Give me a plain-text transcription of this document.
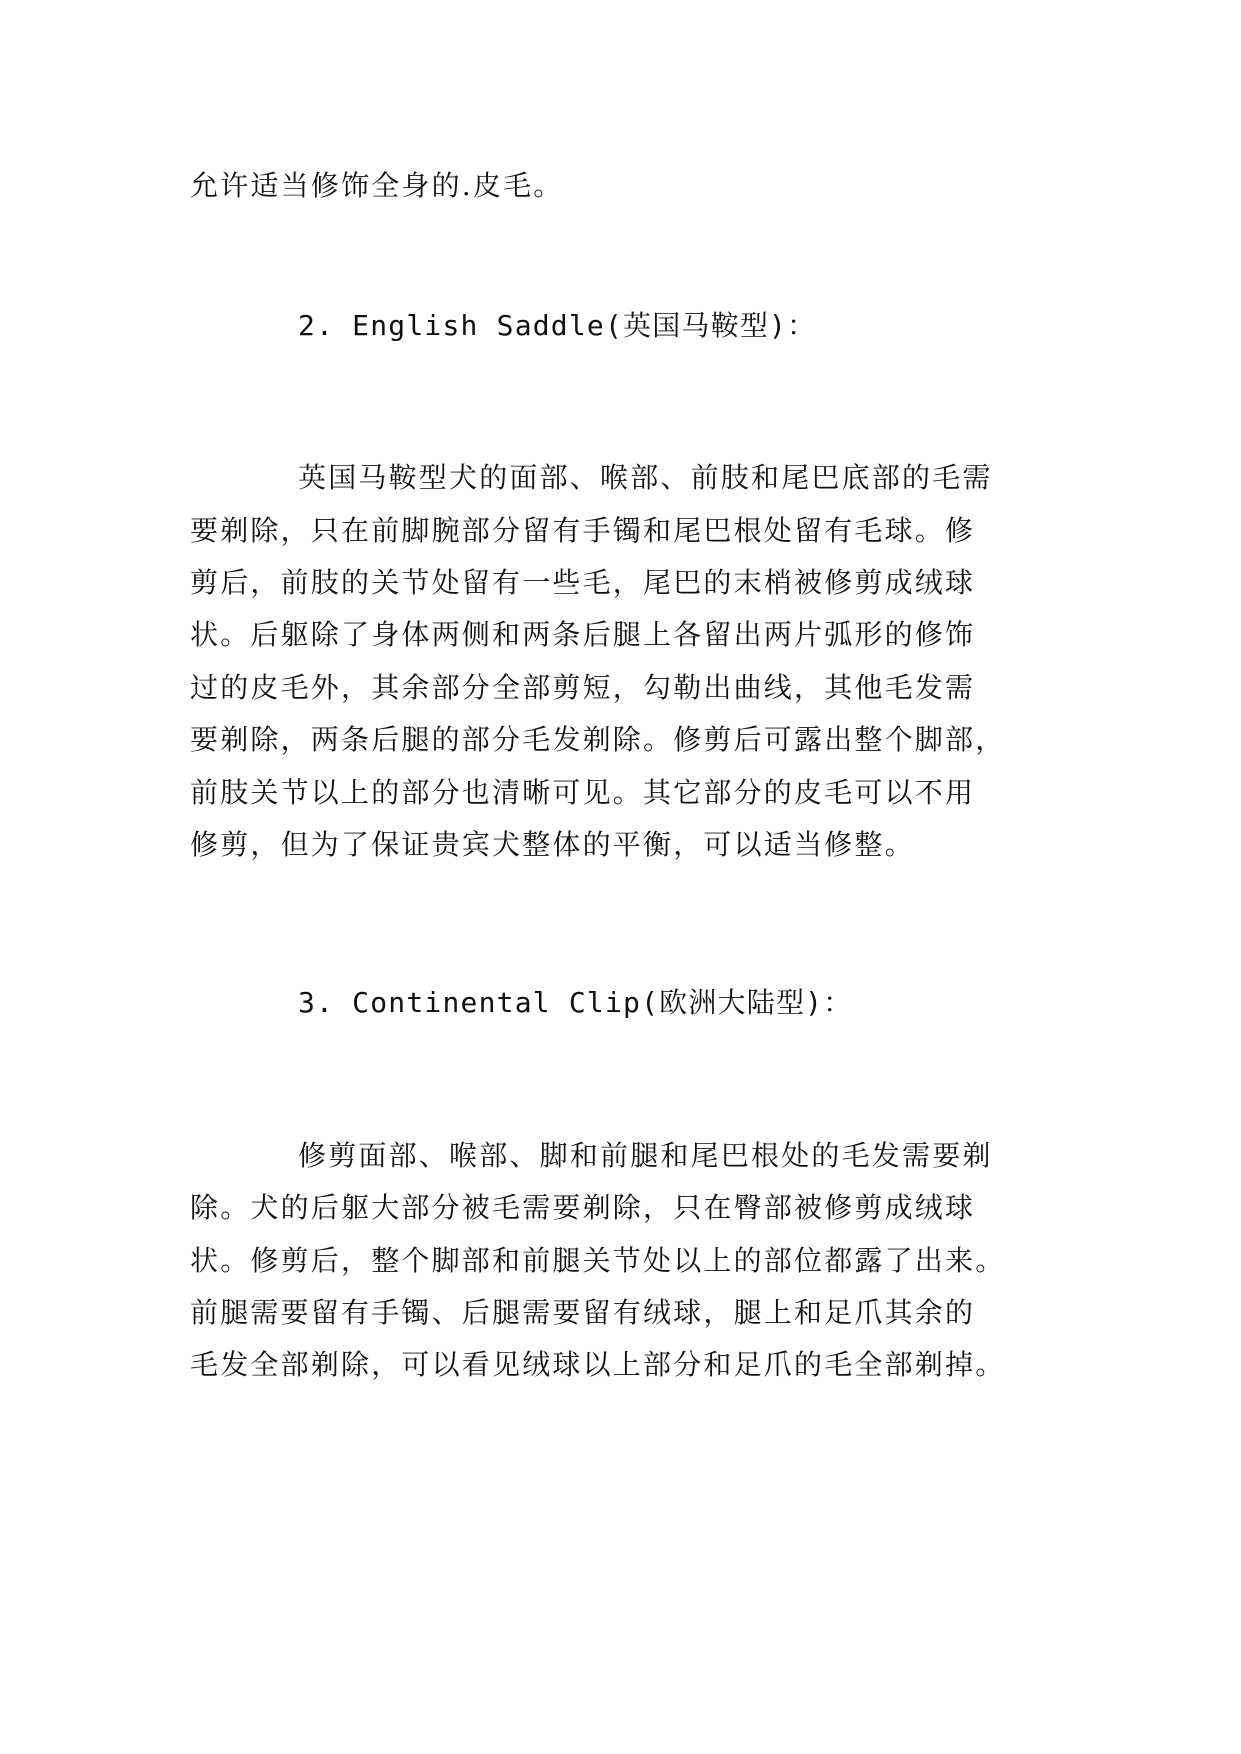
允许适当修饰全身的.皮毛。
2. English Saddle(英国马鞍型)：
英国马鞍型犬的面部、喉部、前肢和尾巴底部的毛需
要剃除，只在前脚腕部分留有手镯和尾巴根处留有毛球。修
剪后，前肢的关节处留有一些毛，尾巴的末梢被修剪成绒球
状。后躯除了身体两侧和两条后腿上各留出两片弧形的修饰
过的皮毛外，其余部分全部剪短，勾勒出曲线，其他毛发需
要剃除，两条后腿的部分毛发剃除。修剪后可露出整个脚部，
前肢关节以上的部分也清晰可见。其它部分的皮毛可以不用
修剪，但为了保证贵宾犬整体的平衡，可以适当修整。
3. Continental Clip(欧洲大陆型)：
修剪面部、喉部、脚和前腿和尾巴根处的毛发需要剃
除。犬的后躯大部分被毛需要剃除，只在臀部被修剪成绒球
状。修剪后，整个脚部和前腿关节处以上的部位都露了出来。
前腿需要留有手镯、后腿需要留有绒球，腿上和足爪其余的
毛发全部剃除，可以看见绒球以上部分和足爪的毛全部剃掉。
